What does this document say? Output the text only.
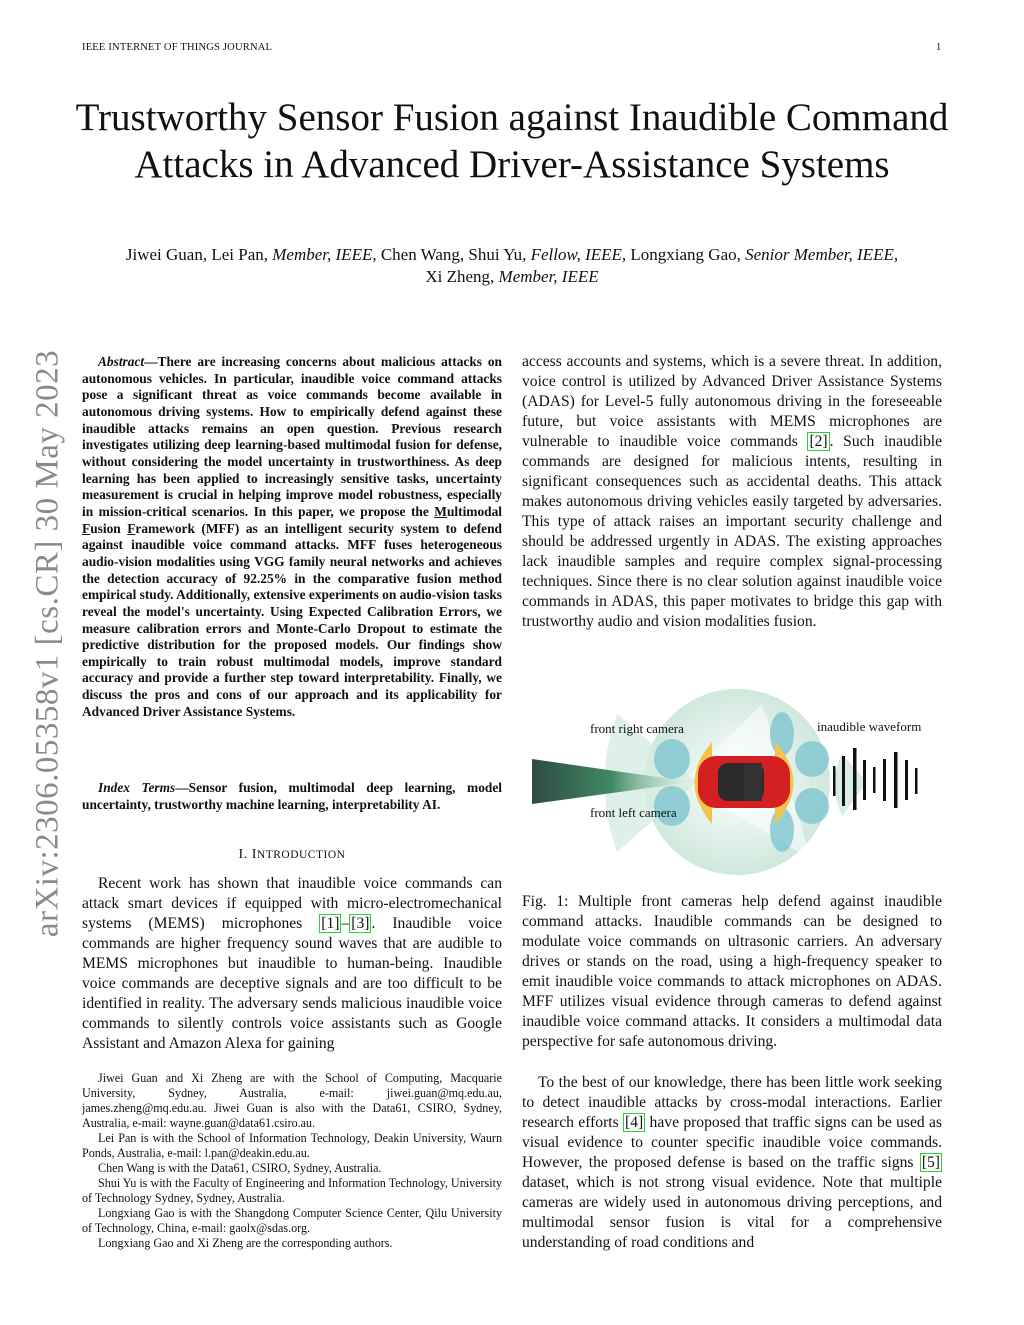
IEEE INTERNET OF THINGS JOURNAL	1
Trustworthy Sensor Fusion against Inaudible Command Attacks in Advanced Driver-Assistance Systems
Jiwei Guan, Lei Pan, Member, IEEE, Chen Wang, Shui Yu, Fellow, IEEE, Longxiang Gao, Senior Member, IEEE,
Xi Zheng, Member, IEEE
arXiv:2306.05358v1 [cs.CR] 30 May 2023	Abstract—There are increasing concerns about malicious attacks on autonomous vehicles. In particular, inaudible voice command attacks pose a significant threat as voice commands become available in autonomous driving systems. How to empirically defend against these inaudible attacks remains an open question. Previous research investigates utilizing deep learning-based multimodal fusion for defense, without considering the model uncertainty in trustworthiness. As deep learning has been applied to increasingly sensitive tasks, uncertainty measurement is crucial in helping improve model robustness, especially in mission-critical scenarios. In this paper, we propose the Multimodal Fusion Framework (MFF) as an intelligent security system to defend against inaudible voice command attacks. MFF fuses heterogeneous audio-vision modalities using VGG family neural networks and achieves the detection accuracy of 92.25% in the comparative fusion method empirical study. Additionally, extensive experiments on audio-vision tasks reveal the model's uncertainty. Using Expected Calibration Errors, we measure calibration errors and Monte-Carlo Dropout to estimate the predictive distribution for the proposed models. Our findings show empirically to train robust multimodal models, improve standard accuracy and provide a further step toward interpretability. Finally, we discuss the pros and cons of our approach and its applicability for Advanced Driver Assistance Systems.

Index Terms—Sensor fusion, multimodal deep learning, model uncertainty, trustworthy machine learning, interpretability AI.

I. INTRODUCTION

Recent work has shown that inaudible voice commands can attack smart devices if equipped with micro-electromechanical systems (MEMS) microphones [1] – [3] . Inaudible voice commands are higher frequency sound waves that are audible to MEMS microphones but inaudible to human-being. Inaudible voice commands are deceptive signals and are too difficult to be identified in reality. The adversary sends malicious inaudible voice commands to silently controls voice assistants such as Google Assistant and Amazon Alexa for gaining

access accounts and systems, which is a severe threat. In addition, voice control is utilized by Advanced Driver Assistance Systems (ADAS) for Level-5 fully autonomous driving in the foreseeable future, but voice assistants with MEMS microphones are vulnerable to inaudible voice commands [2] . Such inaudible commands are designed for malicious intents, resulting in significant consequences such as accidental deaths. This attack makes autonomous driving vehicles easily targeted by adversaries. This type of attack raises an important security challenge and should be addressed urgently in ADAS. The existing approaches lack inaudible samples and require complex signal-processing techniques. Since there is no clear solution against inaudible voice commands in ADAS, this paper motivates to bridge this gap with trustworthy audio and vision modalities fusion.

front right camera
front left camera
inaudible waveform

Fig. 1: Multiple front cameras help defend against inaudible command attacks. Inaudible commands can be designed to modulate voice commands on ultrasonic carriers. An adversary drives or stands on the road, using a high-frequency speaker to emit inaudible voice commands to attack microphones on ADAS. MFF utilizes visual evidence through cameras to defend against inaudible voice command attacks. It considers a multimodal data perspective for safe autonomous driving.

To the best of our knowledge, there has been little work seeking to detect inaudible attacks by cross-modal interactions. Earlier research efforts [4] have proposed that traffic signs can be used as visual evidence to counter specific inaudible voice commands. However, the proposed defense is based on the traffic signs [5] dataset, which is not strong visual evidence. Note that multiple cameras are widely used in autonomous driving perceptions, and multimodal sensor fusion is vital for a comprehensive understanding of road conditions and

Jiwei Guan and Xi Zheng are with the School of Computing, Macquarie University, Sydney, Australia, e-mail: jiwei.guan@mq.edu.au, james.zheng@mq.edu.au. Jiwei Guan is also with the Data61, CSIRO, Sydney, Australia, e-mail: wayne.guan@data61.csiro.au.

Lei Pan is with the School of Information Technology, Deakin University, Waurn Ponds, Australia, e-mail: l.pan@deakin.edu.au.

Chen Wang is with the Data61, CSIRO, Sydney, Australia.

Shui Yu is with the Faculty of Engineering and Information Technology, University of Technology Sydney, Sydney, Australia.

Longxiang Gao is with the Shangdong Computer Science Center, Qilu University of Technology, China, e-mail: gaolx@sdas.org.

Longxiang Gao and Xi Zheng are the corresponding authors.
